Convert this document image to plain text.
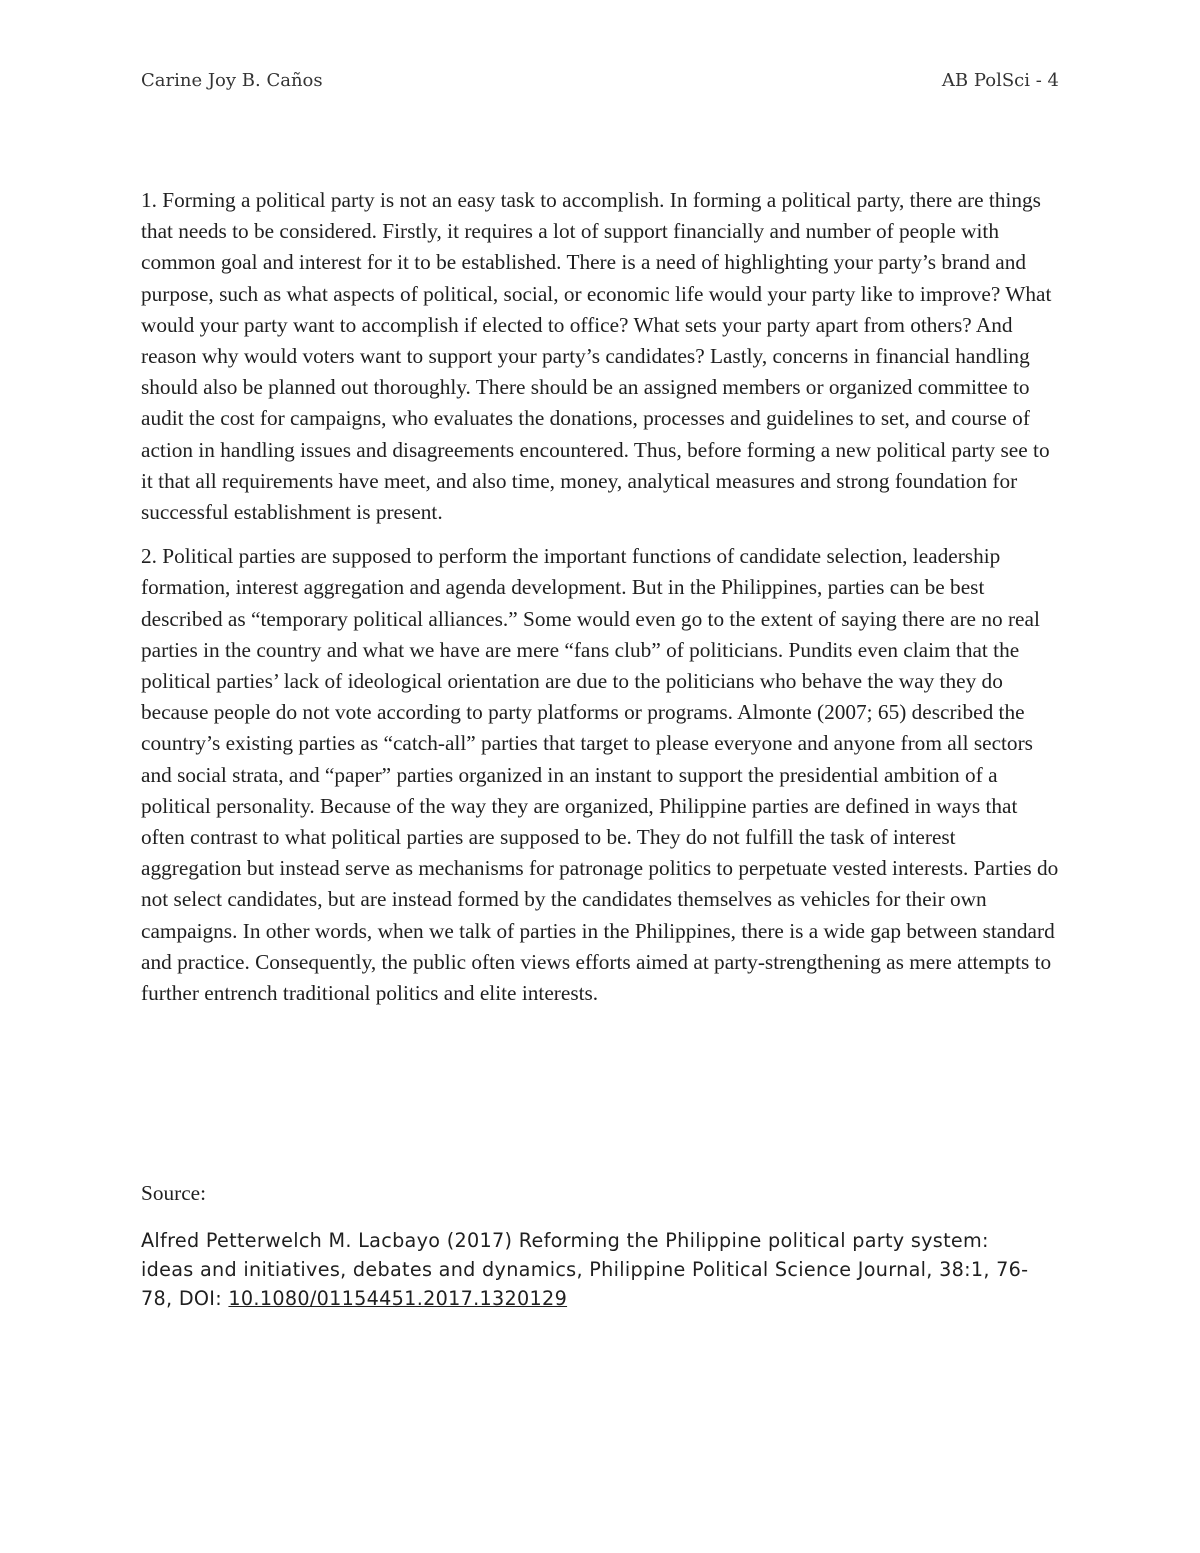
Carine Joy B. Caños	AB PolSci - 4

1. Forming a political party is not an easy task to accomplish. In forming a political party, there are things that needs to be considered. Firstly, it requires a lot of support financially and number of people with common goal and interest for it to be established. There is a need of highlighting your party’s brand and purpose, such as what aspects of political, social, or economic life would your party like to improve? What would your party want to accomplish if elected to office? What sets your party apart from others? And reason why would voters want to support your party’s candidates? Lastly, concerns in financial handling should also be planned out thoroughly. There should be an assigned members or organized committee to audit the cost for campaigns, who evaluates the donations, processes and guidelines to set, and course of action in handling issues and disagreements encountered. Thus, before forming a new political party see to it that all requirements have meet, and also time, money, analytical measures and strong foundation for successful establishment is present.

2. Political parties are supposed to perform the important functions of candidate selection, leadership formation, interest aggregation and agenda development. But in the Philippines, parties can be best described as “temporary political alliances.” Some would even go to the extent of saying there are no real parties in the country and what we have are mere “fans club” of politicians. Pundits even claim that the political parties’ lack of ideological orientation are due to the politicians who behave the way they do because people do not vote according to party platforms or programs. Almonte (2007; 65) described the country’s existing parties as “catch-all” parties that target to please everyone and anyone from all sectors and social strata, and “paper” parties organized in an instant to support the presidential ambition of a political personality. Because of the way they are organized, Philippine parties are defined in ways that often contrast to what political parties are supposed to be. They do not fulfill the task of interest aggregation but instead serve as mechanisms for patronage politics to perpetuate vested interests. Parties do not select candidates, but are instead formed by the candidates themselves as vehicles for their own campaigns. In other words, when we talk of parties in the Philippines, there is a wide gap between standard and practice. Consequently, the public often views efforts aimed at party-strengthening as mere attempts to further entrench traditional politics and elite interests.

Source:
Alfred Petterwelch M. Lacbayo (2017) Reforming the Philippine political party system: ideas and initiatives, debates and dynamics, Philippine Political Science Journal, 38:1, 76-78, DOI: 10.1080/01154451.2017.1320129
